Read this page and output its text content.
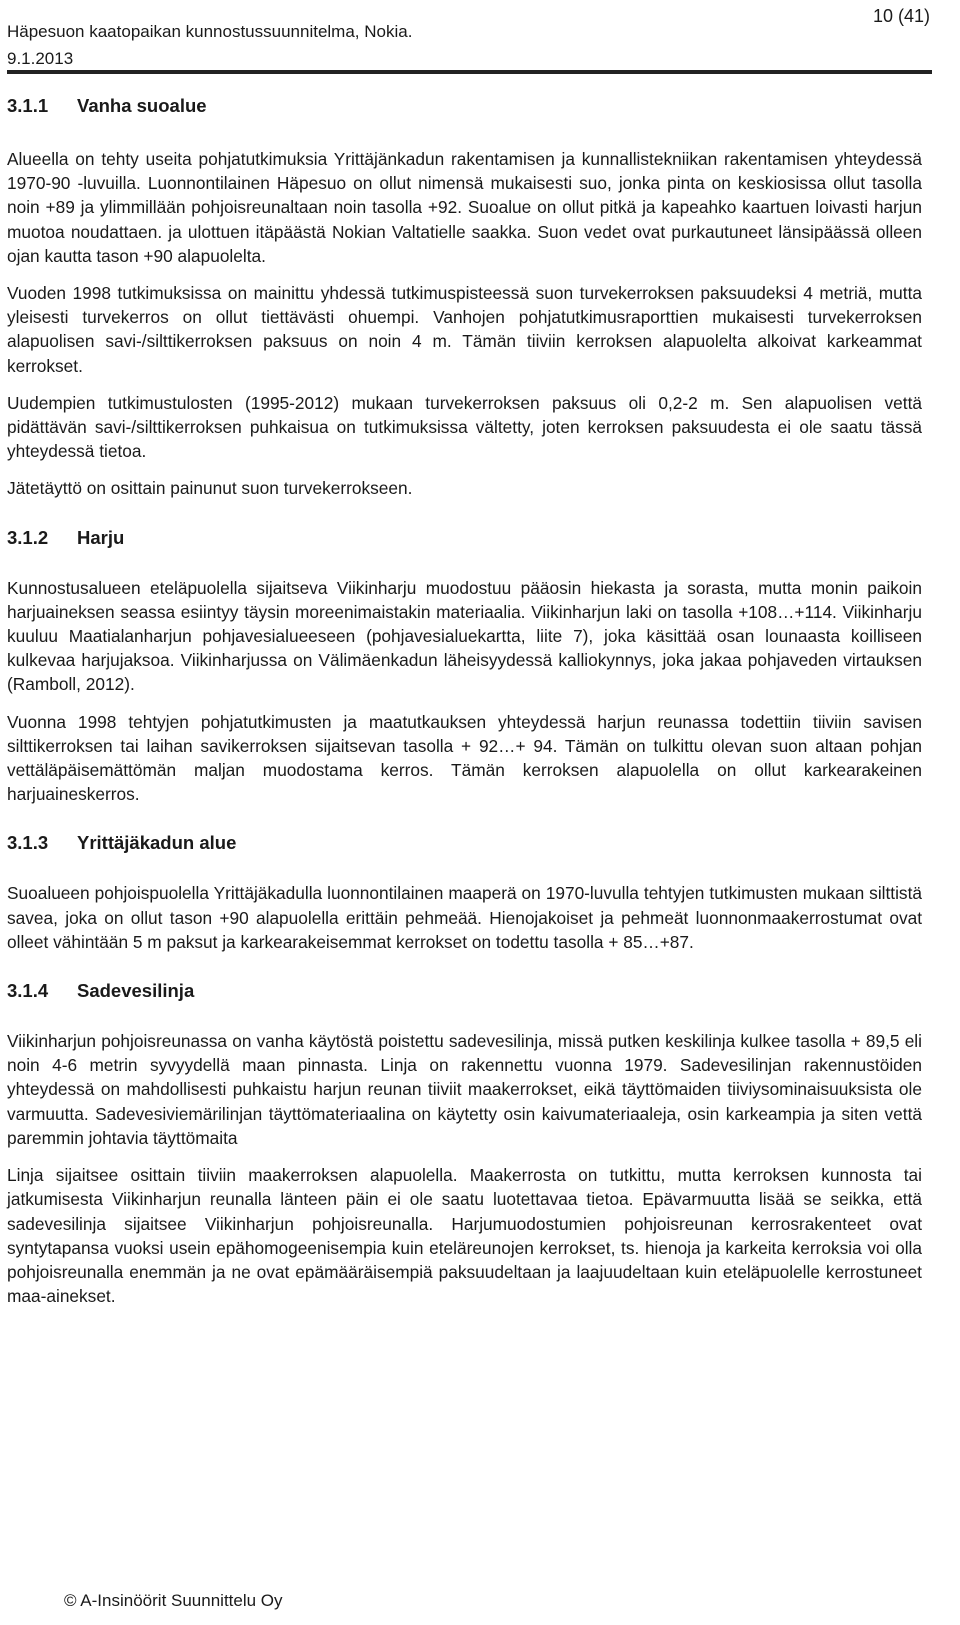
10 (41)

Häpesuon kaatopaikan kunnostussuunnitelma, Nokia.

9.1.2013

3.1.1 Vanha suoalue

Alueella on tehty useita pohjatutkimuksia Yrittäjänkadun rakentamisen ja kunnallistekniikan rakentamisen yhteydessä 1970-90 -luvuilla. Luonnontilainen Häpesuo on ollut nimensä mukaisesti suo, jonka pinta on keskiosissa ollut tasolla noin +89 ja ylimmillään pohjoisreunaltaan noin tasolla +92. Suoalue on ollut pitkä ja kapeahko kaartuen loivasti harjun muotoa noudattaen. ja ulottuen itäpäästä Nokian Valtatielle saakka. Suon vedet ovat purkautuneet länsipäässä olleen ojan kautta tason +90 alapuolelta.

Vuoden 1998 tutkimuksissa on mainittu yhdessä tutkimuspisteessä suon turvekerroksen paksuudeksi 4 metriä, mutta yleisesti turvekerros on ollut tiettävästi ohuempi. Vanhojen pohjatutkimusraporttien mukaisesti turvekerroksen alapuolisen savi-/silttikerroksen paksuus on noin 4 m. Tämän tiiviin kerroksen alapuolelta alkoivat karkeammat kerrokset.

Uudempien tutkimustulosten (1995-2012) mukaan turvekerroksen paksuus oli 0,2-2 m. Sen alapuolisen vettä pidättävän savi-/silttikerroksen puhkaisua on tutkimuksissa vältetty, joten kerroksen paksuudesta ei ole saatu tässä yhteydessä tietoa.

Jätetäyttö on osittain painunut suon turvekerrokseen.

3.1.2 Harju

Kunnostusalueen eteläpuolella sijaitseva Viikinharju muodostuu pääosin hiekasta ja sorasta, mutta monin paikoin harjuaineksen seassa esiintyy täysin moreenimaistakin materiaalia. Viikinharjun laki on tasolla +108…+114. Viikinharju kuuluu Maatialanharjun pohjavesialueeseen (pohjavesialuekartta, liite 7), joka käsittää osan lounaasta koilliseen kulkevaa harjujaksoa. Viikinharjussa on Välimäenkadun läheisyydessä kalliokynnys, joka jakaa pohjaveden virtauksen (Ramboll, 2012).

Vuonna 1998 tehtyjen pohjatutkimusten ja maatutkauksen yhteydessä harjun reunassa todettiin tiiviin savisen silttikerroksen tai laihan savikerroksen sijaitsevan tasolla + 92…+ 94. Tämän on tulkittu olevan suon altaan pohjan vettäläpäisemättömän maljan muodostama kerros. Tämän kerroksen alapuolella on ollut karkearakeinen harjuaineskerros.

3.1.3 Yrittäjäkadun alue

Suoalueen pohjoispuolella Yrittäjäkadulla luonnontilainen maaperä on 1970-luvulla tehtyjen tutkimusten mukaan silttistä savea, joka on ollut tason +90 alapuolella erittäin pehmeää. Hienojakoiset ja pehmeät luonnonmaakerrostumat ovat olleet vähintään 5 m paksut ja karkearakeisemmat kerrokset on todettu tasolla + 85…+87.

3.1.4 Sadevesilinja

Viikinharjun pohjoisreunassa on vanha käytöstä poistettu sadevesilinja, missä putken keskilinja kulkee tasolla + 89,5 eli noin 4-6 metrin syvyydellä maan pinnasta. Linja on rakennettu vuonna 1979. Sadevesilinjan rakennustöiden yhteydessä on mahdollisesti puhkaistu harjun reunan tiiviit maakerrokset, eikä täyttömaiden tiiviysominaisuuksista ole varmuutta. Sadevesiviemärilinjan täyttömateriaalina on käytetty osin kaivumateriaaleja, osin karkeampia ja siten vettä paremmin johtavia täyttömaita

Linja sijaitsee osittain tiiviin maakerroksen alapuolella. Maakerrosta on tutkittu, mutta kerroksen kunnosta tai jatkumisesta Viikinharjun reunalla länteen päin ei ole saatu luotettavaa tietoa. Epävarmuutta lisää se seikka, että sadevesilinja sijaitsee Viikinharjun pohjoisreunalla. Harjumuodostumien pohjoisreunan kerrosrakenteet ovat syntytapansa vuoksi usein epähomogeenisempia kuin eteläreunojen kerrokset, ts. hienoja ja karkeita kerroksia voi olla pohjoisreunalla enemmän ja ne ovat epämääräisempiä paksuudeltaan ja laajuudeltaan kuin eteläpuolelle kerrostuneet maa-ainekset.

© A-Insinöörit Suunnittelu Oy
